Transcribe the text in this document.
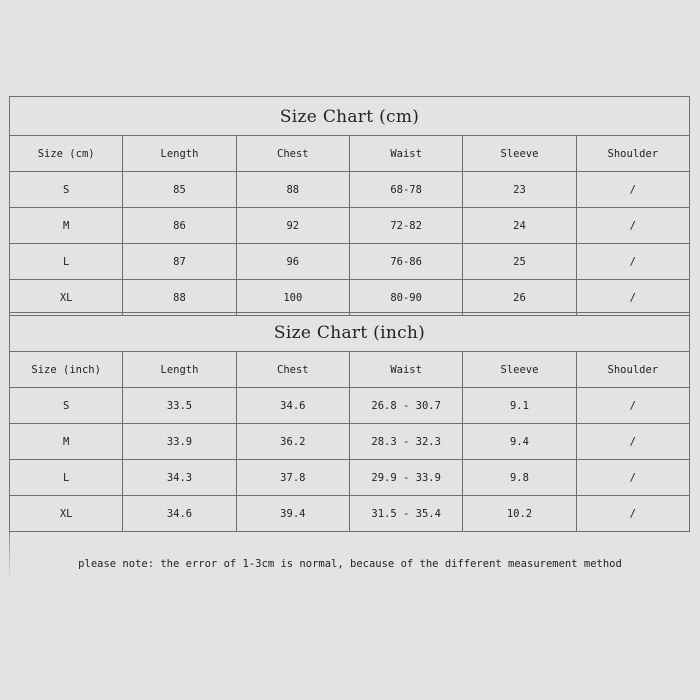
Size Chart (cm)					
Size (cm)	Length	Chest	Waist	Sleeve	Shoulder
S	85	88	68-78	23	/
M	86	92	72-82	24	/
L	87	96	76-86	25	/
XL	88	100	80-90	26	/
Size Chart (inch)					
Size (inch)	Length	Chest	Waist	Sleeve	Shoulder
S	33.5	34.6	26.8 - 30.7	9.1	/
M	33.9	36.2	28.3 - 32.3	9.4	/
L	34.3	37.8	29.9 - 33.9	9.8	/
XL	34.6	39.4	31.5 - 35.4	10.2	/
please note: the error of 1-3cm is normal, because of the different measurement method
